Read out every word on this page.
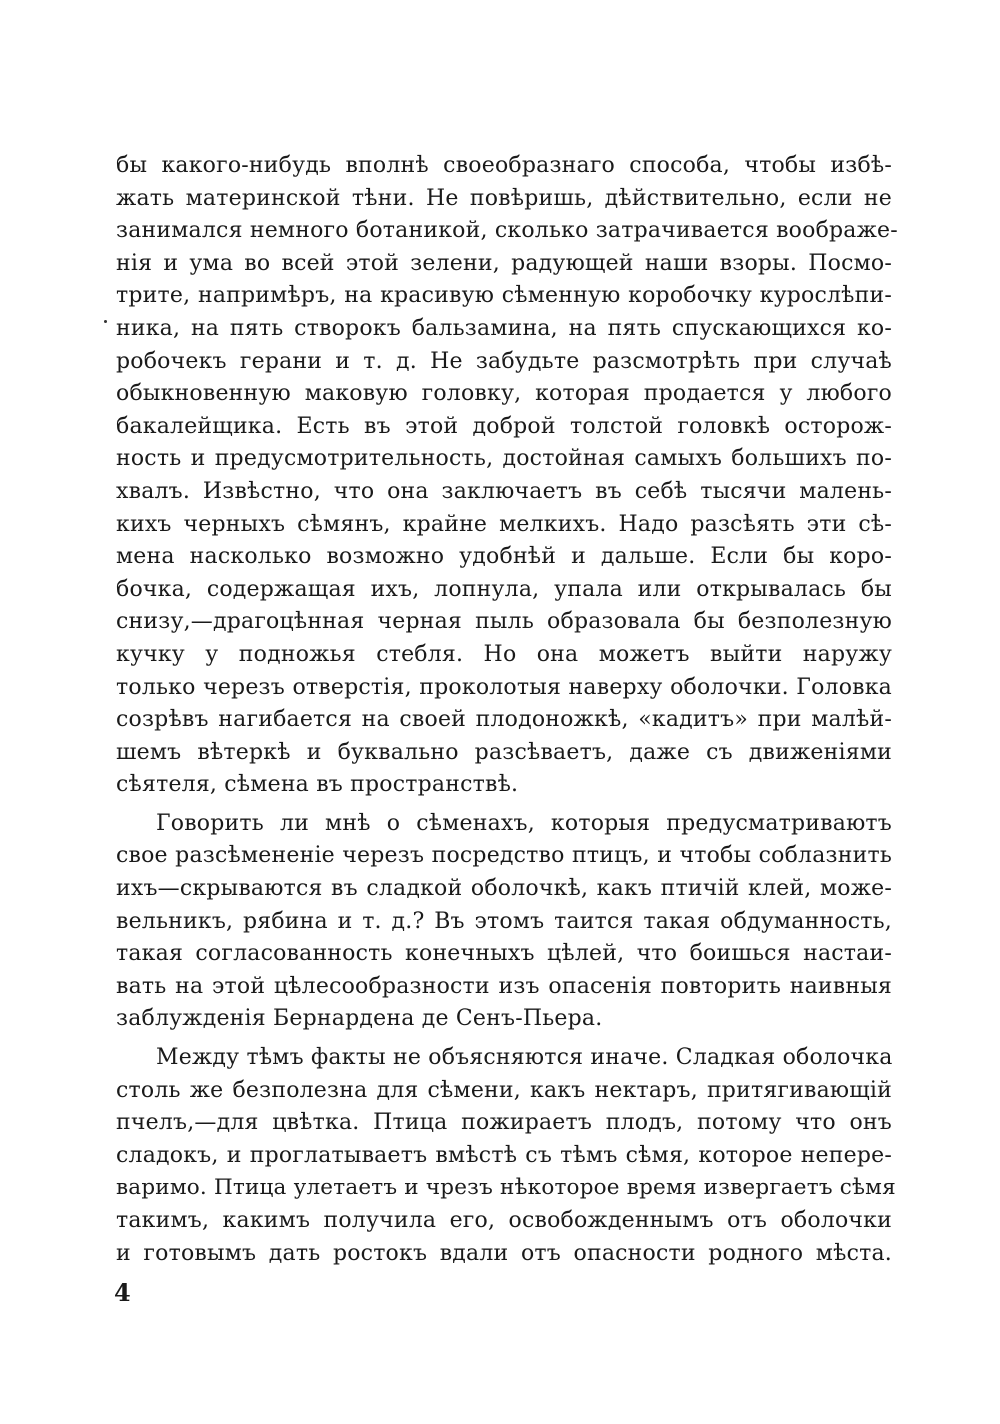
бы какого-нибудь вполнѣ своеобразнаго способа, чтобы избѣ-
жать материнской тѣни. Не повѣришь, дѣйствительно, если не
занимался немного ботаникой, сколько затрачивается воображе-
нія и ума во всей этой зелени, радующей наши взоры. Посмо-
трите, напримѣръ, на красивую сѣменную коробочку курослѣпи-
ника, на пять створокъ бальзамина, на пять спускающихся ко-
робочекъ герани и т. д. Не забудьте разсмотрѣть при случаѣ
обыкновенную маковую головку, которая продается у любого
бакалейщика. Есть въ этой доброй толстой головкѣ осторож-
ность и предусмотрительность, достойная самыхъ большихъ по-
хвалъ. Извѣстно, что она заключаетъ въ себѣ тысячи малень-
кихъ черныхъ сѣмянъ, крайне мелкихъ. Надо разсѣять эти сѣ-
мена насколько возможно удобнѣй и дальше. Если бы коро-
бочка, содержащая ихъ, лопнула, упала или открывалась бы
снизу,—драгоцѣнная черная пыль образовала бы безполезную
кучку у подножья стебля. Но она можетъ выйти наружу
только черезъ отверстія, проколотыя наверху оболочки. Головка
созрѣвъ нагибается на своей плодоножкѣ, «кадитъ» при малѣй-
шемъ вѣтеркѣ и буквально разсѣваетъ, даже съ движеніями
сѣятеля, сѣмена въ пространствѣ.
Говорить ли мнѣ о сѣменахъ, которыя предусматриваютъ
свое разсѣмененіе черезъ посредство птицъ, и чтобы соблазнить
ихъ—скрываются въ сладкой оболочкѣ, какъ птичій клей, може-
вельникъ, рябина и т. д.? Въ этомъ таится такая обдуманность,
такая согласованность конечныхъ цѣлей, что боишься настаи-
вать на этой цѣлесообразности изъ опасенія повторить наивныя
заблужденія Бернардена де Сенъ-Пьера.
Между тѣмъ факты не объясняются иначе. Сладкая оболочка
столь же безполезна для сѣмени, какъ нектаръ, притягивающій
пчелъ,—для цвѣтка. Птица пожираетъ плодъ, потому что онъ
сладокъ, и проглатываетъ вмѣстѣ съ тѣмъ сѣмя, которое непере-
варимо. Птица улетаетъ и чрезъ нѣкоторое время извергаетъ сѣмя
такимъ, какимъ получила его, освобожденнымъ отъ оболочки
и готовымъ дать ростокъ вдали отъ опасности родного мѣста.
4
